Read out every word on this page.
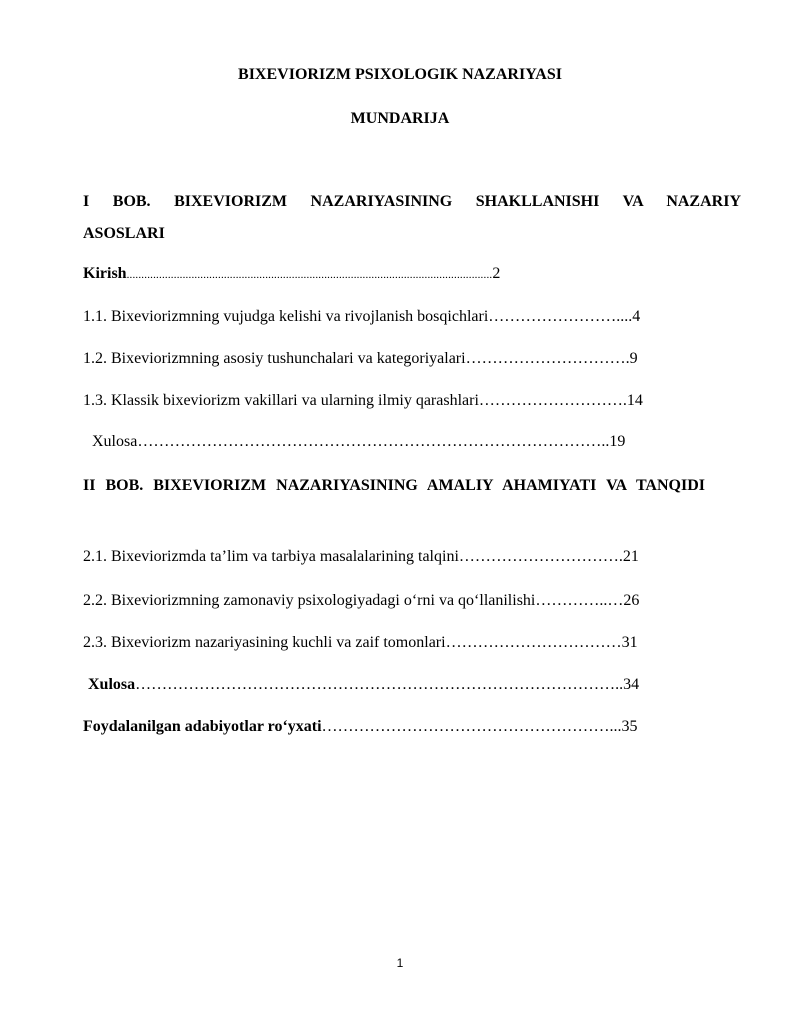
BIXEVIORIZM PSIXOLOGIK NAZARIYASI
MUNDARIJA
I BOB. BIXEVIORIZM NAZARIYASINING SHAKLLANISHI VA NAZARIY ASOSLARI
Kirish............................................................................................................................2
1.1. Bixeviorizmning vujudga kelishi va rivojlanish bosqichlari……………………....4
1.2. Bixeviorizmning asosiy tushunchalari va kategoriyalari………………………….9
1.3. Klassik bixeviorizm vakillari va ularning ilmiy qarashlari……………………….14
Xulosa……………………………………………………………………………..19
II BOB. BIXEVIORIZM NAZARIYASINING AMALIY AHAMIYATI VA TANQIDI
2.1. Bixeviorizmda ta’lim va tarbiya masalalarining talqini………………………….21
2.2. Bixeviorizmning zamonaviy psixologiyadagi o‘rni va qo‘llanilishi…………..…26
2.3. Bixeviorizm nazariyasining kuchli va zaif tomonlari……………………………31
Xulosa………………………………………………………………………………..34
Foydalanilgan adabiyotlar ro‘yxati………………………………………………...35
1
